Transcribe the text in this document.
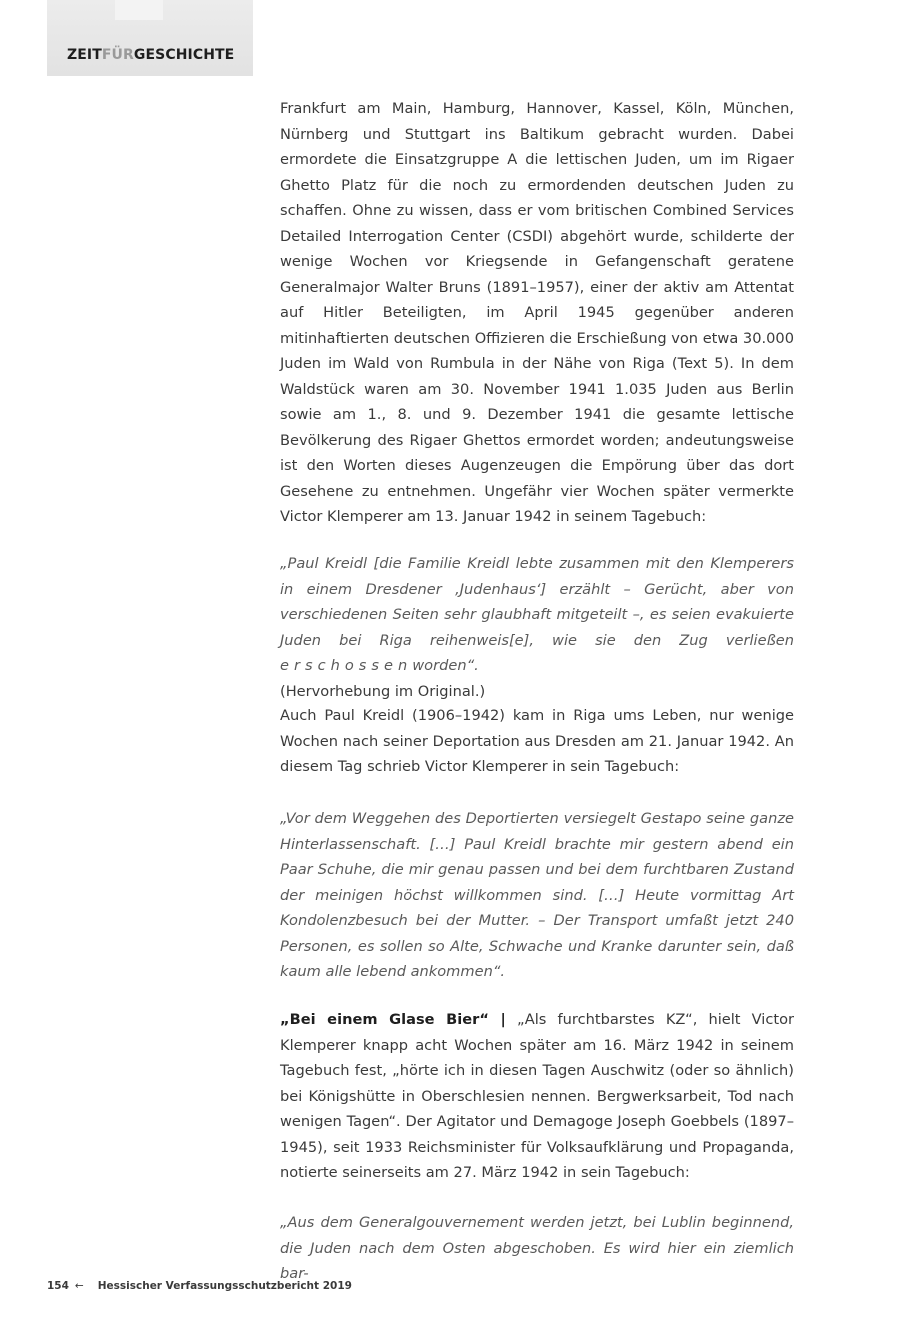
ZEITFÜRGESCHICHTE

Frankfurt am Main, Hamburg, Hannover, Kassel, Köln, München, Nürnberg und Stuttgart ins Baltikum gebracht wurden. Dabei ermordete die Einsatzgruppe A die lettischen Juden, um im Rigaer Ghetto Platz für die noch zu ermordenden deutschen Juden zu schaffen. Ohne zu wissen, dass er vom britischen Combined Services Detailed Interrogation Center (CSDI) abgehört wurde, schilderte der wenige Wochen vor Kriegsende in Gefangenschaft geratene Generalmajor Walter Bruns (1891–1957), einer der aktiv am Attentat auf Hitler Beteiligten, im April 1945 gegenüber anderen mitinhaftierten deutschen Offizieren die Erschießung von etwa 30.000 Juden im Wald von Rumbula in der Nähe von Riga (Text 5). In dem Waldstück waren am 30. November 1941 1.035 Juden aus Berlin sowie am 1., 8. und 9. Dezember 1941 die gesamte lettische Bevölkerung des Rigaer Ghettos ermordet worden; andeutungsweise ist den Worten dieses Augenzeugen die Empörung über das dort Gesehene zu entnehmen. Ungefähr vier Wochen später vermerkte Victor Klemperer am 13. Januar 1942 in seinem Tagebuch:

„Paul Kreidl [die Familie Kreidl lebte zusammen mit den Klemperers in einem Dresdener ‚Judenhaus‘] erzählt – Gerücht, aber von verschiedenen Seiten sehr glaubhaft mitgeteilt –, es seien evakuierte Juden bei Riga reihenweis[e], wie sie den Zug verließen erschossenworden“.
(Hervorhebung im Original.)

Auch Paul Kreidl (1906–1942) kam in Riga ums Leben, nur wenige Wochen nach seiner Deportation aus Dresden am 21. Januar 1942. An diesem Tag schrieb Victor Klemperer in sein Tagebuch:

„Vor dem Weggehen des Deportierten versiegelt Gestapo seine ganze Hinterlassenschaft. […] Paul Kreidl brachte mir gestern abend ein Paar Schuhe, die mir genau passen und bei dem furchtbaren Zustand der meinigen höchst willkommen sind. […] Heute vormittag Art Kondolenzbesuch bei der Mutter. – Der Transport umfaßt jetzt 240 Personen, es sollen so Alte, Schwache und Kranke darunter sein, daß kaum alle lebend ankommen“.

„Bei einem Glase Bier“ | „Als furchtbarstes KZ“, hielt Victor Klemperer knapp acht Wochen später am 16. März 1942 in seinem Tagebuch fest, „hörte ich in diesen Tagen Auschwitz (oder so ähnlich) bei Königshütte in Oberschlesien nennen. Bergwerksarbeit, Tod nach wenigen Tagen“. Der Agitator und Demagoge Joseph Goebbels (1897–1945), seit 1933 Reichsminister für Volksaufklärung und Propaganda, notierte seinerseits am 27. März 1942 in sein Tagebuch:

„Aus dem Generalgouvernement werden jetzt, bei Lublin beginnend, die Juden nach dem Osten abgeschoben. Es wird hier ein ziemlich bar-

154 ← Hessischer Verfassungsschutzbericht 2019
